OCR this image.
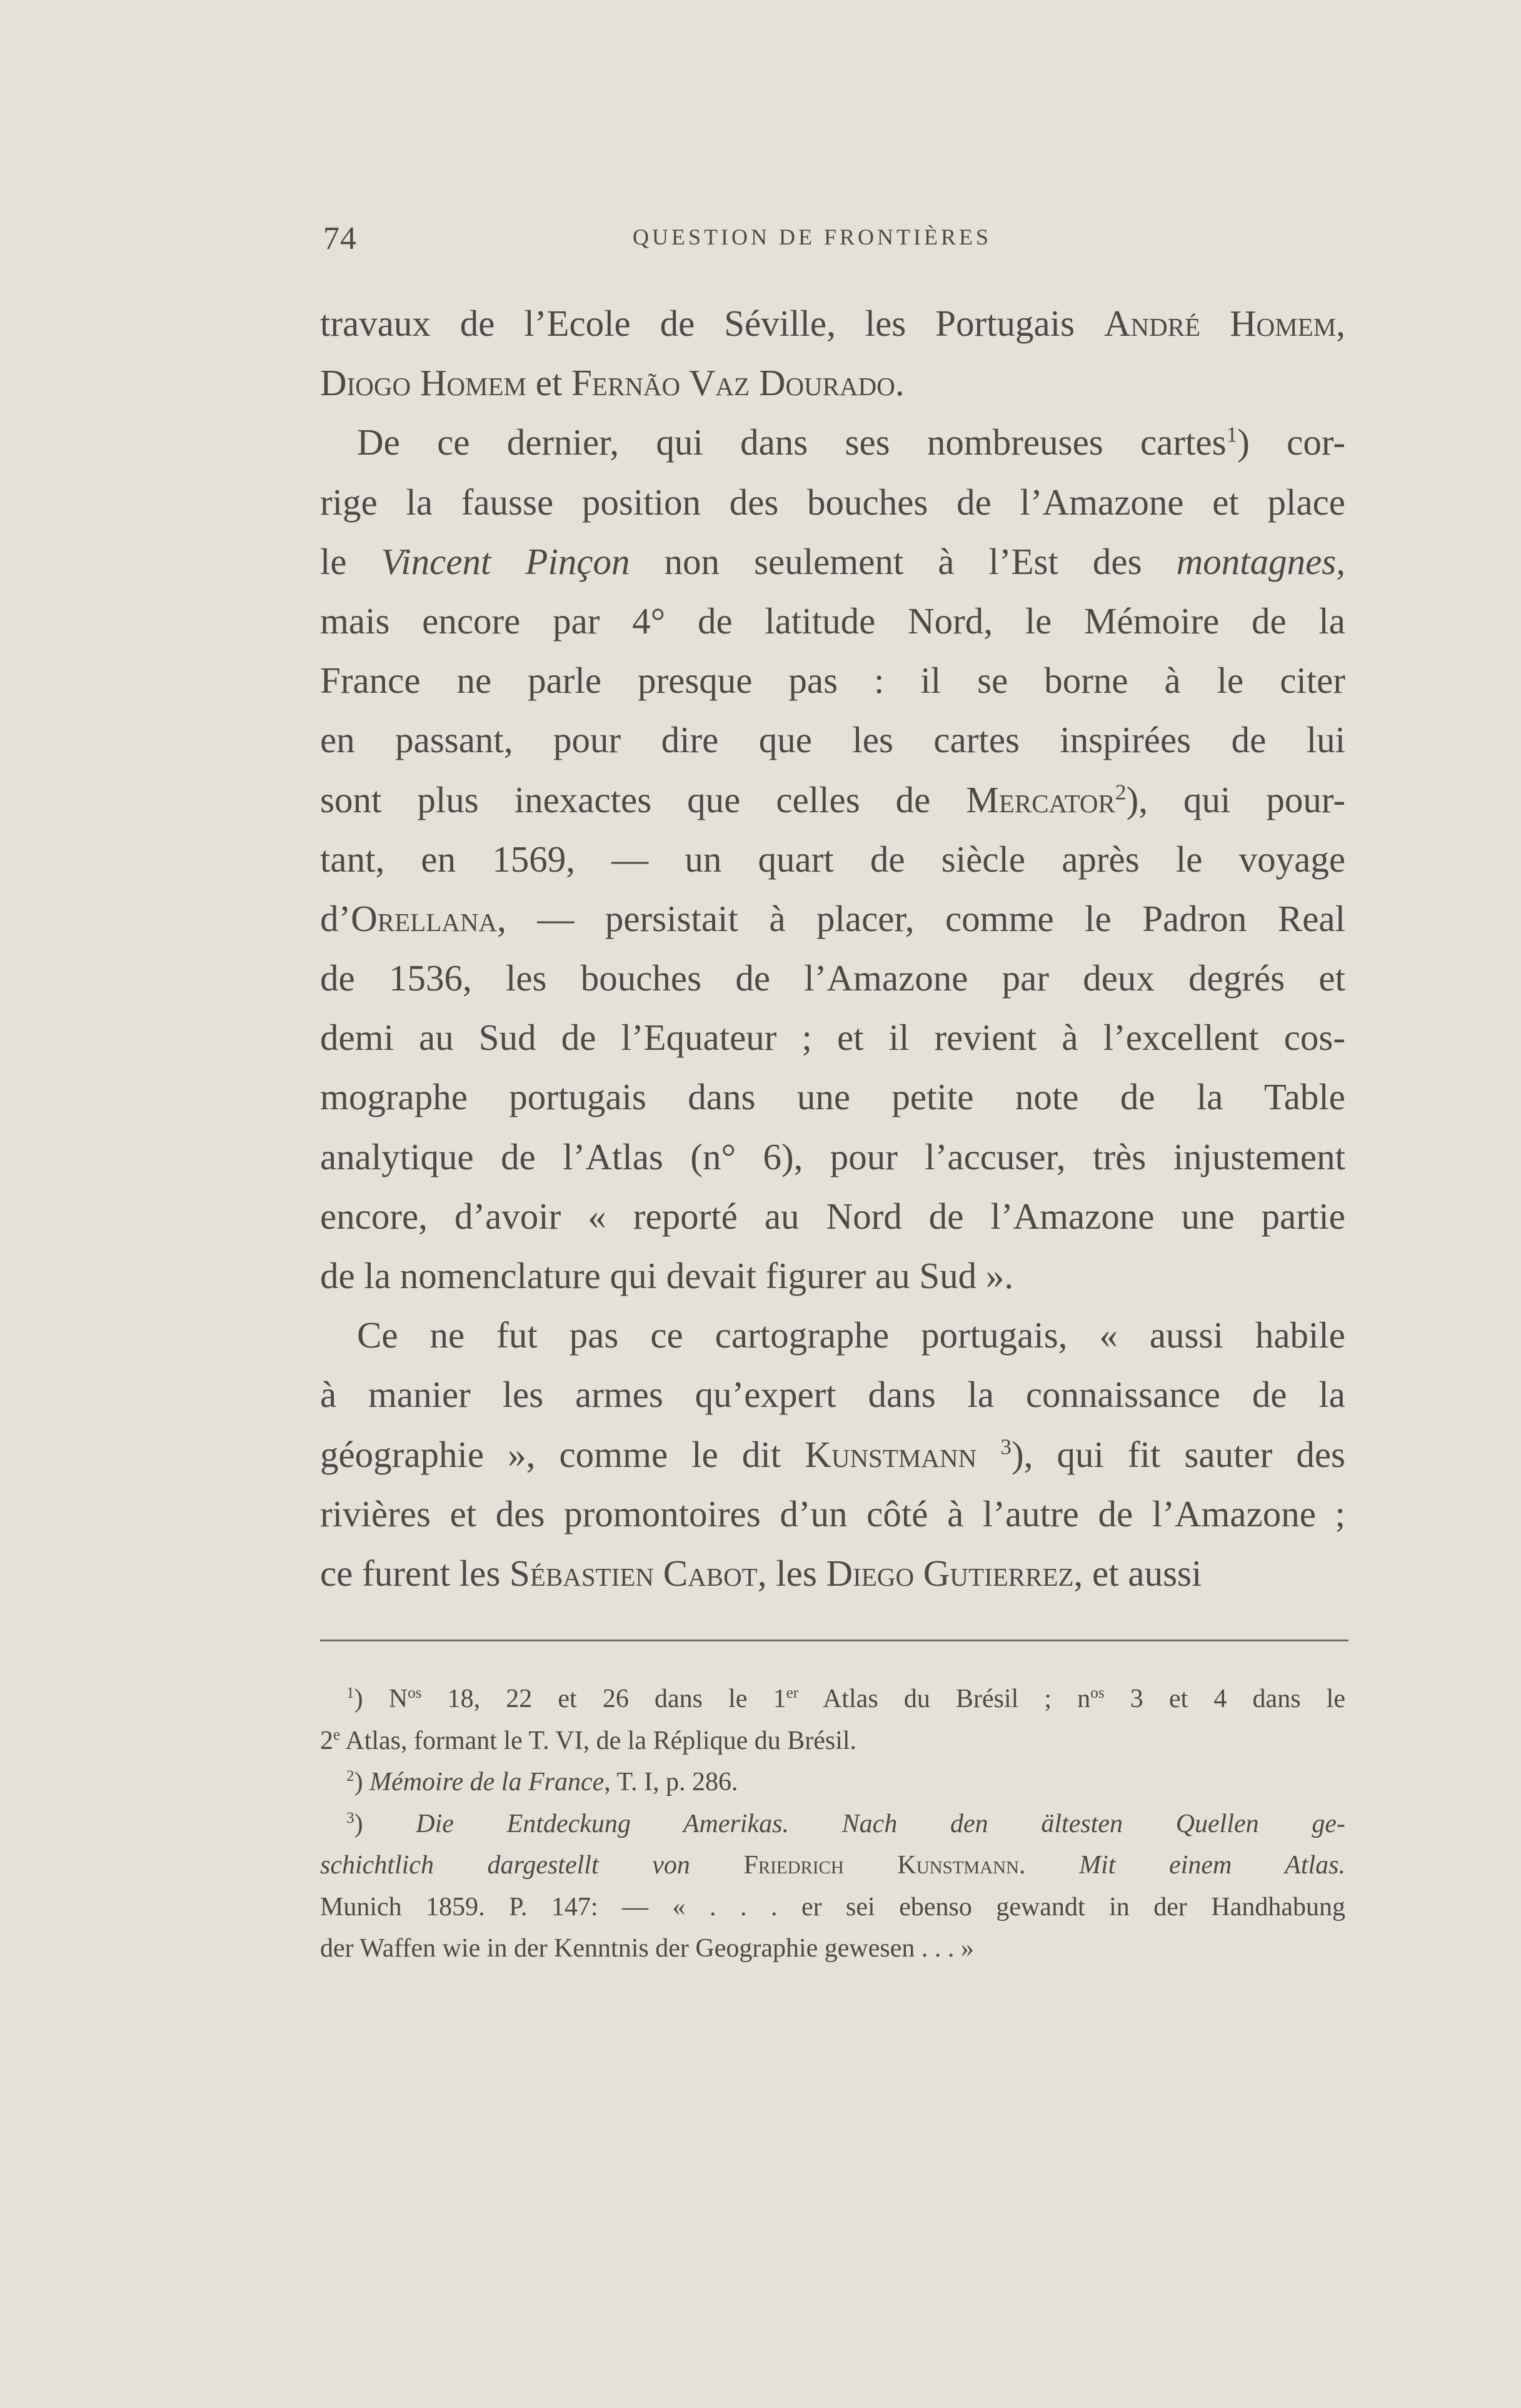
74	QUESTION DE FRONTIÈRES
travaux de l’Ecole de Séville, les Portugais André Homem,
Diogo Homem et Fernão Vaz Dourado.
 De ce dernier, qui dans ses nombreuses cartes$^1$) cor-
rige la fausse position des bouches de l’Amazone et place
le Vincent Pinçon non seulement à l’Est des montagnes,
mais encore par 4° de latitude Nord, le Mémoire de la
France ne parle presque pas : il se borne à le citer
en passant, pour dire que les cartes inspirées de lui
sont plus inexactes que celles de Mercator$^2$), qui pour-
tant, en 1569, — un quart de siècle après le voyage
d’Orellana, — persistait à placer, comme le Padron Real
de 1536, les bouches de l’Amazone par deux degrés et
demi au Sud de l’Equateur ; et il revient à l’excellent cos-
mographe portugais dans une petite note de la Table
analytique de l’Atlas (n° 6), pour l’accuser, très injustement
encore, d’avoir « reporté au Nord de l’Amazone une partie
de la nomenclature qui devait figurer au Sud ».
 Ce ne fut pas ce cartographe portugais, « aussi habile
à manier les armes qu’expert dans la connaissance de la
géographie », comme le dit Kunstmann $^3$), qui fit sauter des
rivières et des promontoires d’un côté à l’autre de l’Amazone ;
ce furent les Sébastien Cabot, les Diego Gutierrez, et aussi
 $^1$) $N^{os}$ 18, 22 et 26 dans le 1er Atlas du Brésil ; $n^{os}$ 3 et 4 dans le
2e Atlas, formant le T. VI, de la Réplique du Brésil.
 $^2$) Mémoire de la France, T. I, p. 286.
 $^3$) Die Entdeckung Amerikas. Nach den ältesten Quellen ge-
schichtlich dargestellt von Friedrich Kunstmann. Mit einem Atlas.
Munich 1859. P. 147: — « . . . er sei ebenso gewandt in der Handhabung
der Waffen wie in der Kenntnis der Geographie gewesen . . . »
